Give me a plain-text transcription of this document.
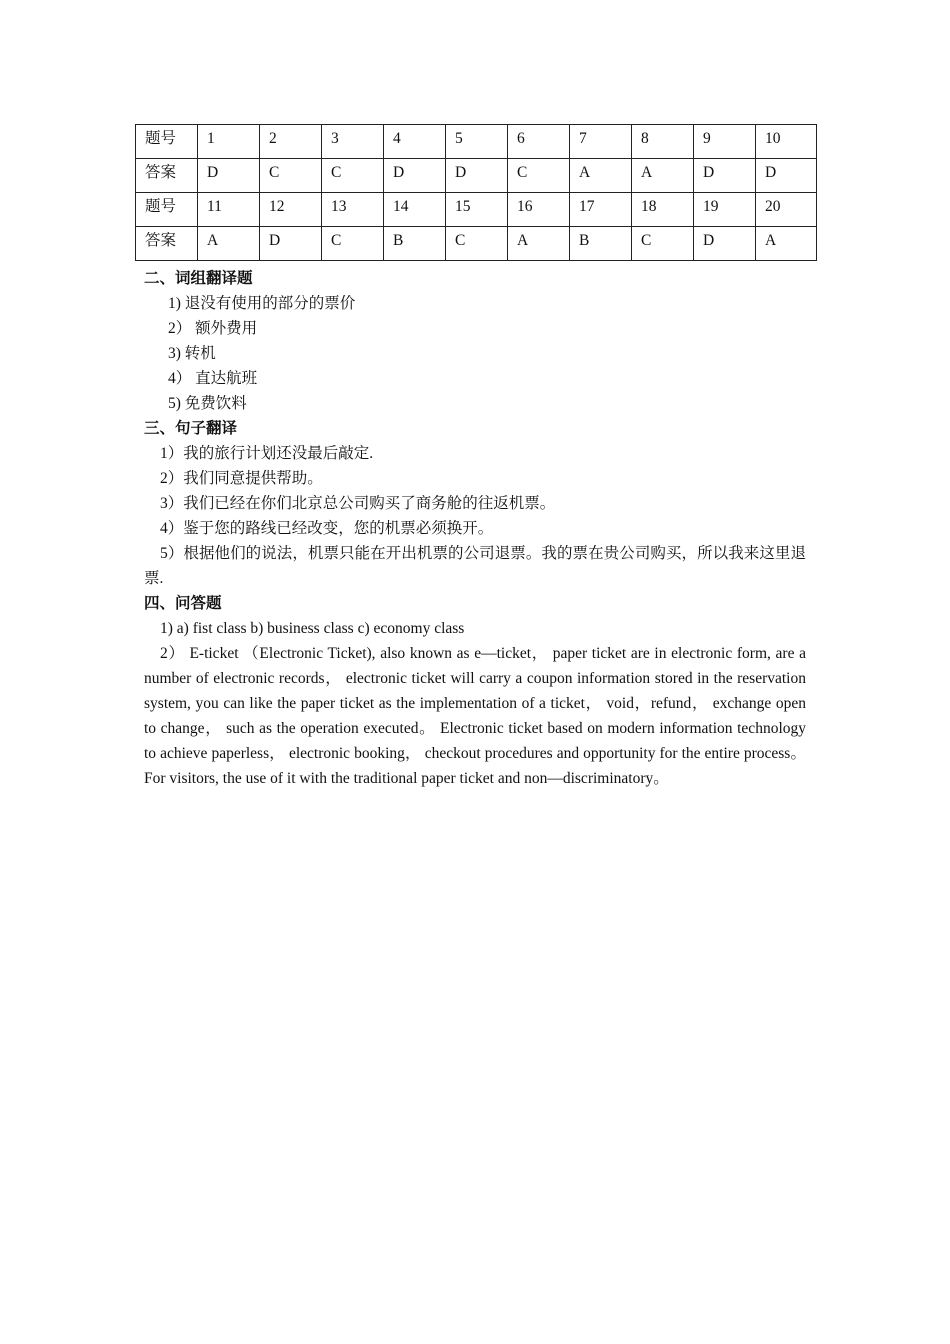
题号	1	2	3	4	5	6	7	8	9	10
答案	D	C	C	D	D	C	A	A	D	D
题号	11	12	13	14	15	16	17	18	19	20
答案	A	D	C	B	C	A	B	C	D	A

二、词组翻译题

1) 退没有使用的部分的票价

2） 额外费用

3) 转机

4） 直达航班

5) 免费饮料

三、句子翻译

1）我的旅行计划还没最后敲定.

2）我们同意提供帮助。

3）我们已经在你们北京总公司购买了商务舱的往返机票。

4）鉴于您的路线已经改变，您的机票必须换开。

5）根据他们的说法，机票只能在开出机票的公司退票。我的票在贵公司购买，所以我来这里退票.

四、问答题

1) a) fist class b) business class c) economy class

2） E-ticket （Electronic Ticket), also known as e—ticket， paper ticket are in electronic form, are a number of electronic records， electronic ticket will carry a coupon information stored in the reservation system, you can like the paper ticket as the implementation of a ticket， void，refund， exchange open to change， such as the operation executed。 Electronic ticket based on modern information technology to achieve paperless， electronic booking， checkout procedures and opportunity for the entire process。 For visitors, the use of it with the traditional paper ticket and non—discriminatory。
